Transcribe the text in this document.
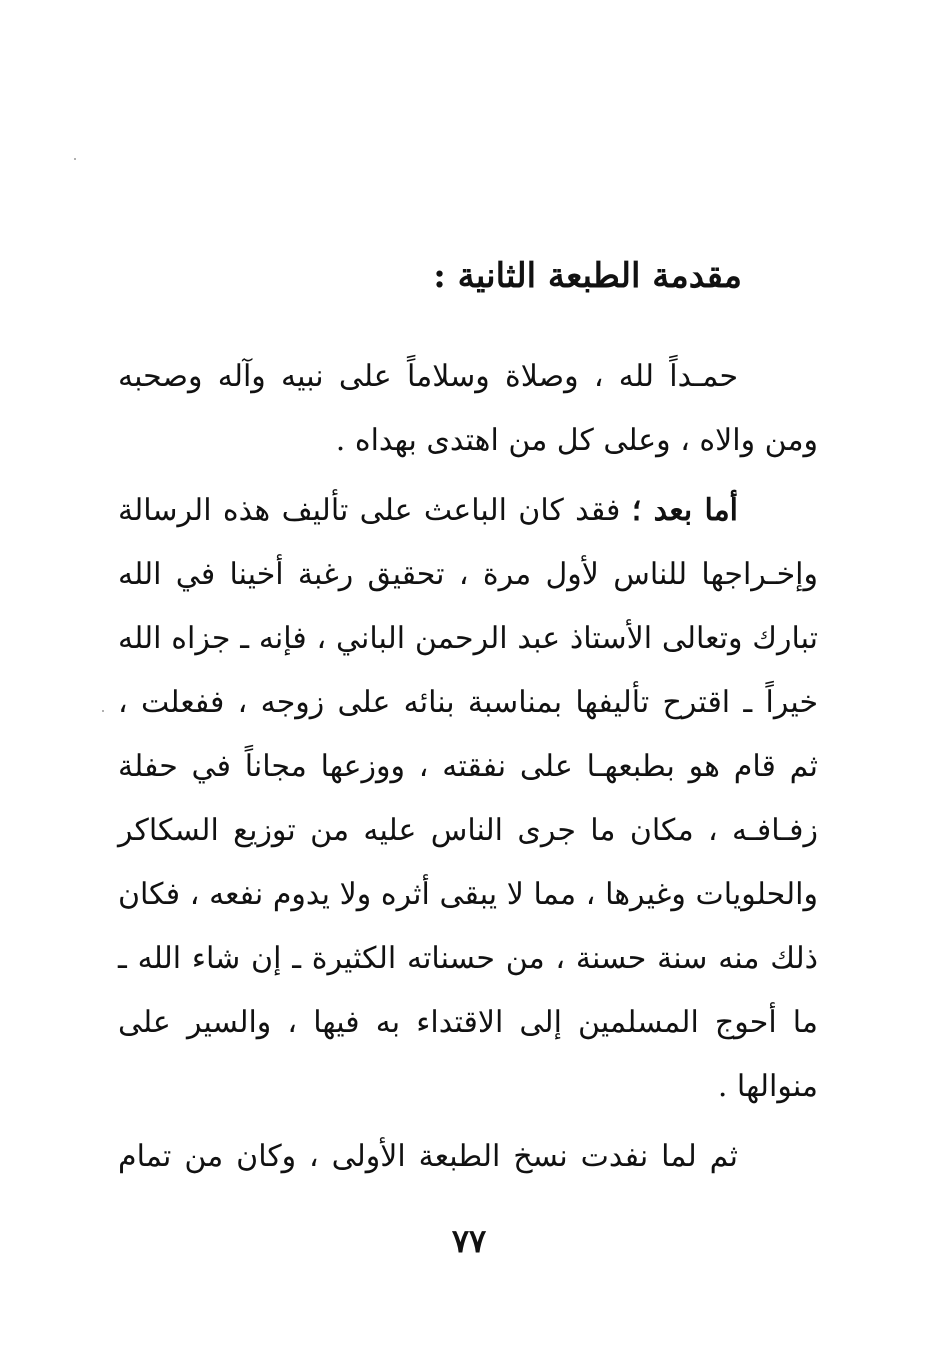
مقدمة الطبعة الثانية :
حمـداً لله ، وصلاة وسلاماً على نبيه وآله وصحبه
ومن والاه ، وعلى كل من اهتدى بهداه .
أما بعد ؛ فقد كان الباعث على تأليف هذه الرسالة
وإخـراجها للناس لأول مرة ، تحقيق رغبة أخينا في الله
تبارك وتعالى الأستاذ عبد الرحمن الباني ، فإنه ـ جزاه الله
خيراً ـ اقترح تأليفها بمناسبة بنائه على زوجه ، ففعلت ،
ثم قام هو بطبعهـا على نفقته ، ووزعها مجاناً في حفلة
زفـافـه ، مكان ما جرى الناس عليه من توزيع السكاكر
والحلويات وغيرها ، مما لا يبقى أثره ولا يدوم نفعه ، فكان
ذلك منه سنة حسنة ، من حسناته الكثيرة ـ إن شاء الله ـ
ما أحوج المسلمين إلى الاقتداء به فيها ، والسير على
منوالها .
ثم لما نفدت نسخ الطبعة الأولى ، وكان من تمام
٧٧
